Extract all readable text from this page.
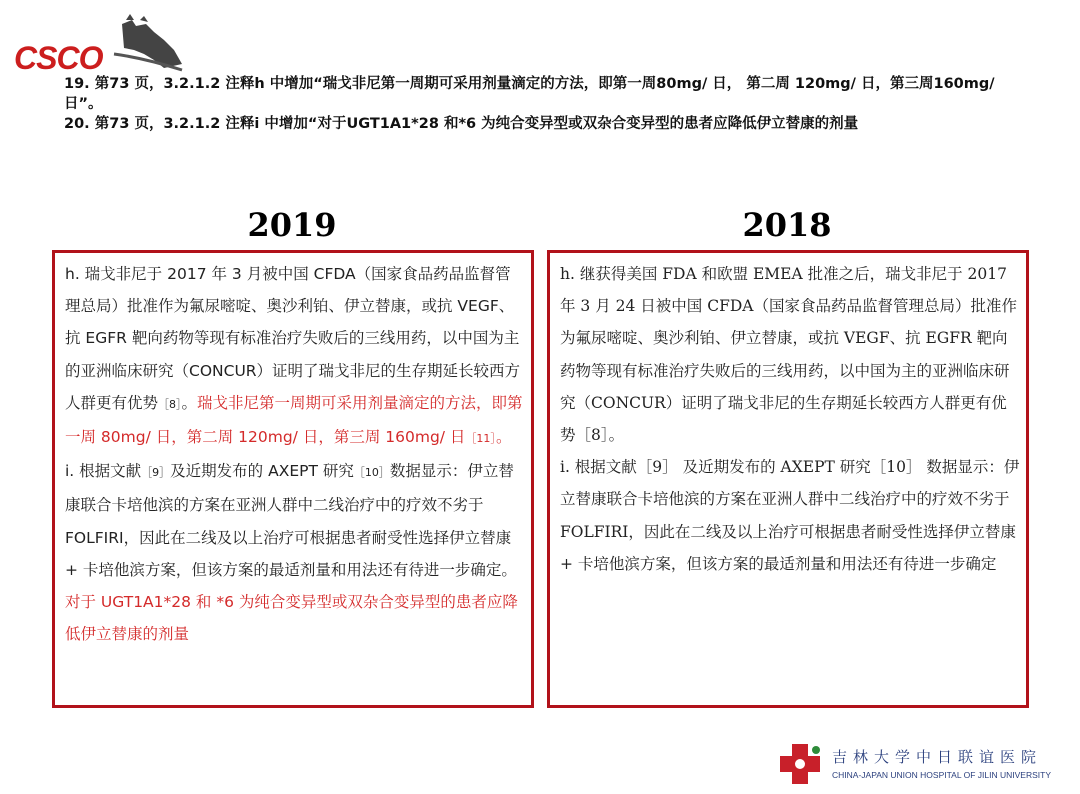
CSCO

19. 第73 页，3.2.1.2 注释h 中增加“瑞戈非尼第一周期可采用剂量滴定的方法，即第一周80mg/ 日， 第二周 120mg/ 日，第三周160mg/ 日”。

20. 第73 页，3.2.1.2 注释i 中增加“对于UGT1A1*28 和*6 为纯合变异型或双杂合变异型的患者应降低伊立替康的剂量

2019	2018

h. 瑞戈非尼于 2017 年 3 月被中国 CFDA（国家食品药品监督管理总局）批准作为氟尿嘧啶、奥沙利铂、伊立替康，或抗 VEGF、抗 EGFR 靶向药物等现有标准治疗失败后的三线用药，以中国为主的亚洲临床研究（CONCUR）证明了瑞戈非尼的生存期延长较西方人群更有优势［8］。瑞戈非尼第一周期可采用剂量滴定的方法，即第一周 80mg/ 日，第二周 120mg/ 日，第三周 160mg/ 日［11］。

i. 根据文献［9］及近期发布的 AXEPT 研究［10］数据显示：伊立替康联合卡培他滨的方案在亚洲人群中二线治疗中的疗效不劣于 FOLFIRI，因此在二线及以上治疗可根据患者耐受性选择伊立替康 + 卡培他滨方案，但该方案的最适剂量和用法还有待进一步确定。对于 UGT1A1*28 和 *6 为纯合变异型或双杂合变异型的患者应降低伊立替康的剂量

h. 继获得美国 FDA 和欧盟 EMEA 批准之后，瑞戈非尼于 2017 年 3 月 24 日被中国 CFDA（国家食品药品监督管理总局）批准作为氟尿嘧啶、奥沙利铂、伊立替康，或抗 VEGF、抗 EGFR 靶向药物等现有标准治疗失败后的三线用药，以中国为主的亚洲临床研究（CONCUR）证明了瑞戈非尼的生存期延长较西方人群更有优势［8］。

i. 根据文献［9］ 及近期发布的 AXEPT 研究［10］ 数据显示：伊立替康联合卡培他滨的方案在亚洲人群中二线治疗中的疗效不劣于 FOLFIRI，因此在二线及以上治疗可根据患者耐受性选择伊立替康 + 卡培他滨方案，但该方案的最适剂量和用法还有待进一步确定

吉林大学中日联谊医院
CHINA-JAPAN UNION HOSPITAL OF JILIN UNIVERSITY
